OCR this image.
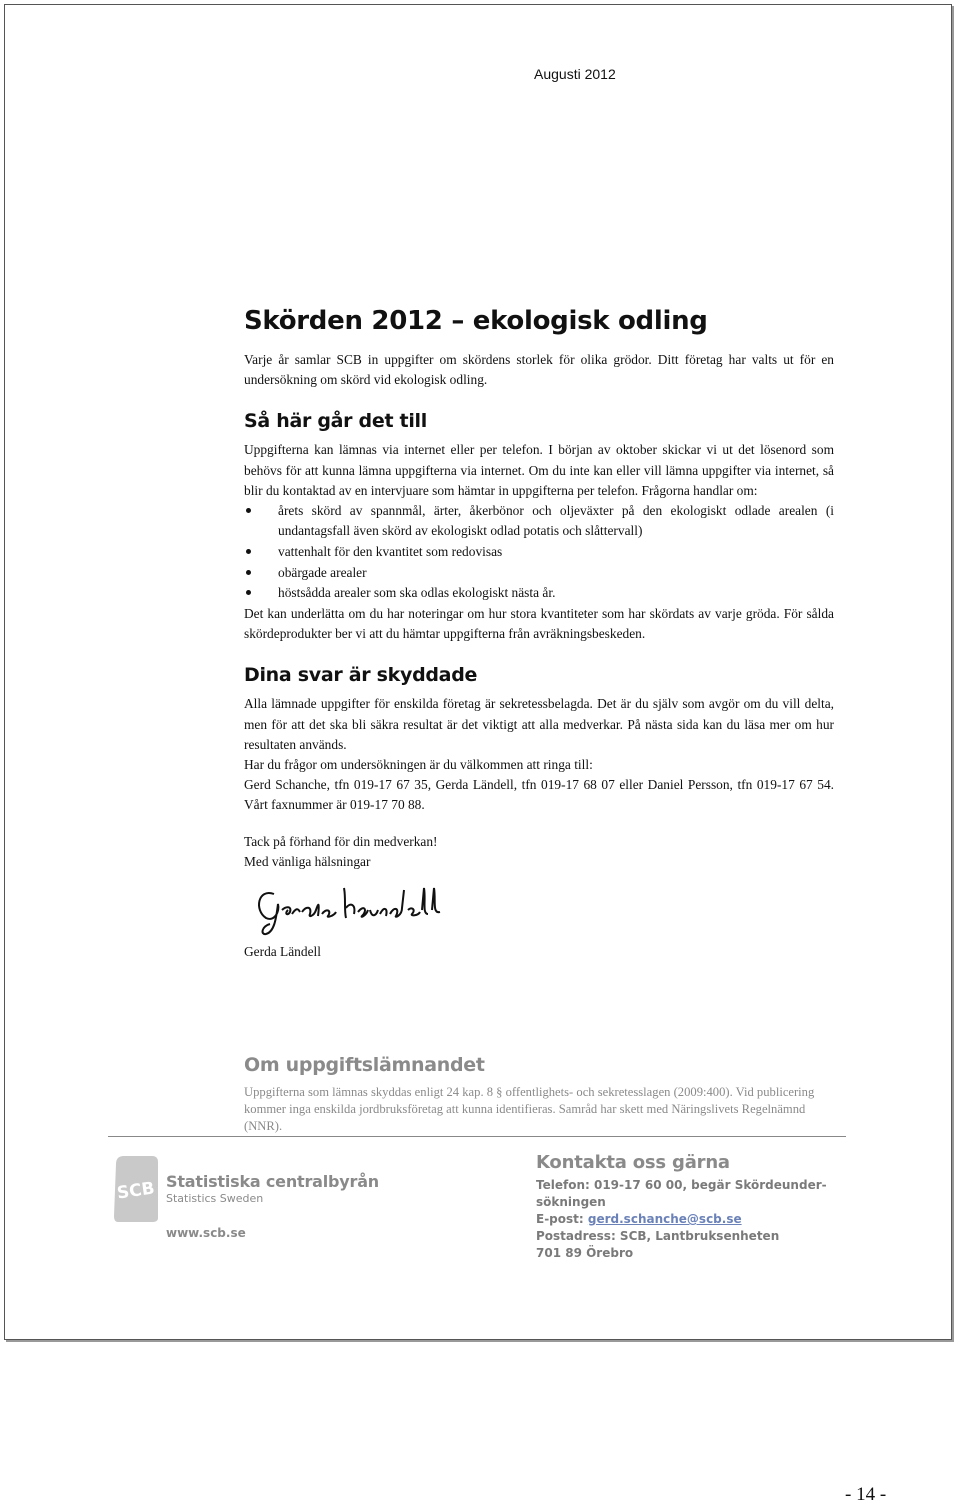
Augusti 2012
Skörden 2012 – ekologisk odling

Varje år samlar SCB in uppgifter om skördens storlek för olika grödor. Ditt företag har valts ut för en undersökning om skörd vid ekologisk odling.

Så här går det till

Uppgifterna kan lämnas via internet eller per telefon. I början av oktober skickar vi ut det lösenord som behövs för att kunna lämna uppgifterna via internet. Om du inte kan eller vill lämna uppgifter via internet, så blir du kontaktad av en intervjuare som hämtar in uppgifterna per telefon. Frågorna handlar om:

årets skörd av spannmål, ärter, åkerbönor och oljeväxter på den ekologiskt odlade arealen (i undantagsfall även skörd av ekologiskt odlad potatis och slåttervall)
vattenhalt för den kvantitet som redovisas
obärgade arealer
höstsådda arealer som ska odlas ekologiskt nästa år.

Det kan underlätta om du har noteringar om hur stora kvantiteter som har skördats av varje gröda. För sålda skördeprodukter ber vi att du hämtar uppgifterna från avräkningsbeskeden.

Dina svar är skyddade

Alla lämnade uppgifter för enskilda företag är sekretessbelagda. Det är du själv som avgör om du vill delta, men för att det ska bli säkra resultat är det viktigt att alla medverkar. På nästa sida kan du läsa mer om hur resultaten används.

Har du frågor om undersökningen är du välkommen att ringa till:

Gerd Schanche, tfn 019-17 67 35, Gerda Ländell, tfn 019-17 68 07 eller Daniel Persson, tfn 019-17 67 54. Vårt faxnummer är 019-17 70 88.

Tack på förhand för din medverkan!

Med vänliga hälsningar

Gerda Ländell

Om uppgiftslämnandet
Uppgifterna som lämnas skyddas enligt 24 kap. 8 § offentlighets- och sekretesslagen (2009:400). Vid publicering kommer inga enskilda jordbruksföretag att kunna identifieras. Samråd har skett med Näringslivets Regelnämnd (NNR).
SCB Statistiska centralbyrån
Statistics Sweden
www.scb.se
Kontakta oss gärna
Telefon: 019-17 60 00, begär Skördeunder-sökningen
E-post: gerd.schanche@scb.se
Postadress: SCB, Lantbruksenheten
701 89 Örebro
- 14 -
